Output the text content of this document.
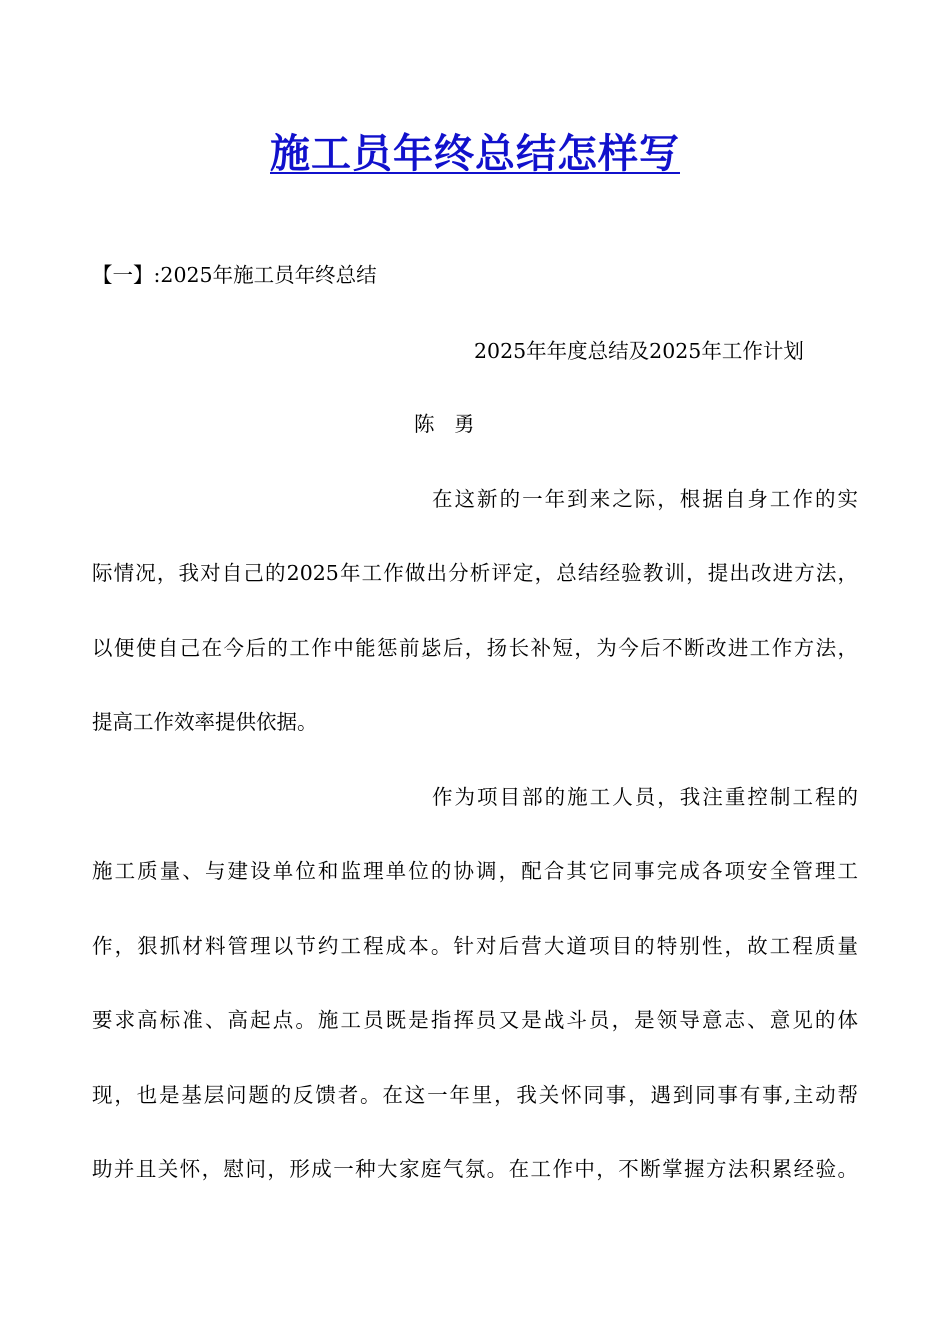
施工员年终总结怎样写
【一】:2025年施工员年终总结
2025年年度总结及2025年工作计划
陈   勇
在这新的一年到来之际，根据自身工作的实
际情况，我对自己的2025年工作做出分析评定，总结经验教训，提出改进方法，
以便使自己在今后的工作中能惩前毖后，扬长补短，为今后不断改进工作方法，
提高工作效率提供依据。
作为项目部的施工人员，我注重控制工程的
施工质量、与建设单位和监理单位的协调，配合其它同事完成各项安全管理工
作，狠抓材料管理以节约工程成本。针对后营大道项目的特别性，故工程质量
要求高标准、高起点。施工员既是指挥员又是战斗员，是领导意志、意见的体
现，也是基层问题的反馈者。在这一年里，我关怀同事，遇到同事有事,主动帮
助并且关怀，慰问，形成一种大家庭气氛。在工作中，不断掌握方法积累经验。
